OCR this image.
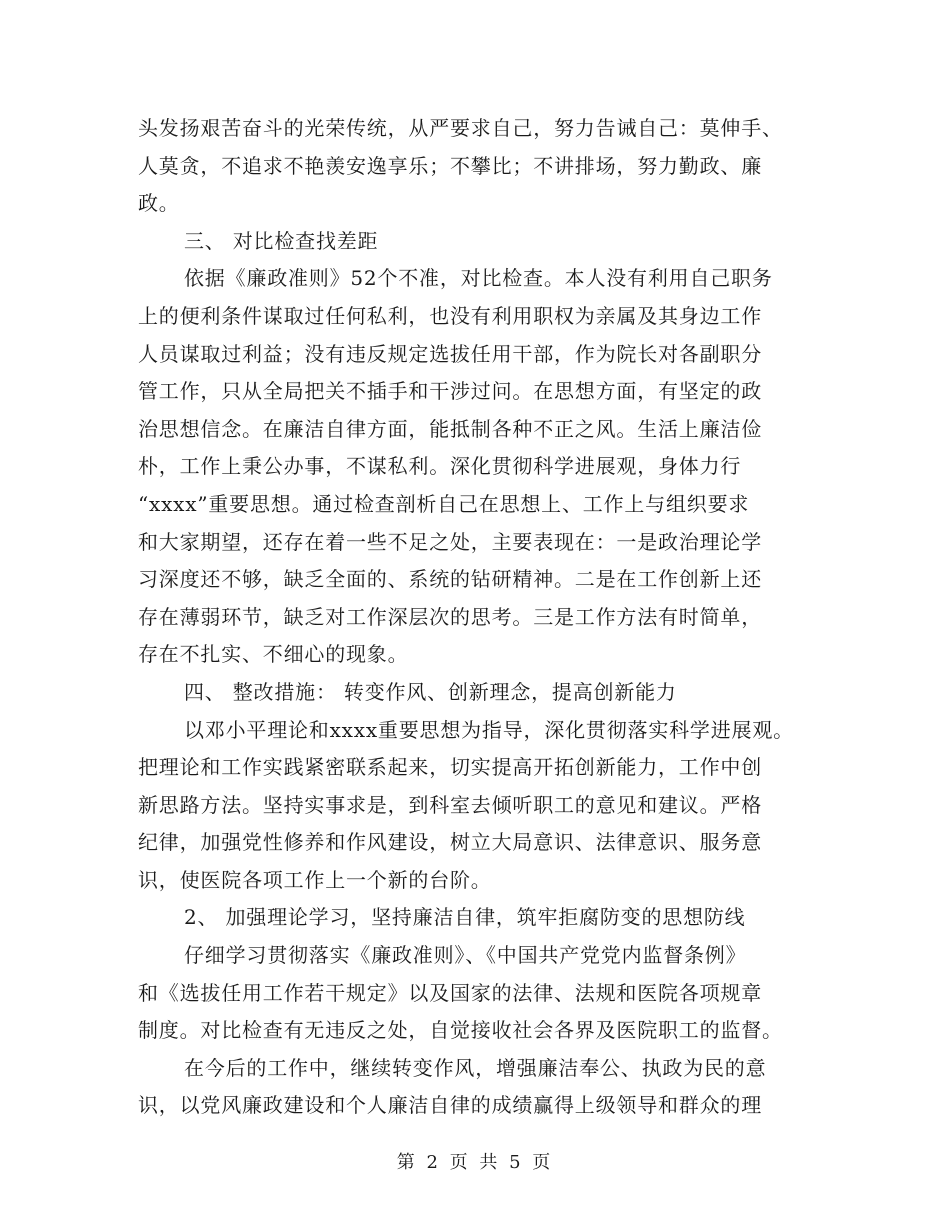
头发扬艰苦奋斗的光荣传统，从严要求自己，努力告诫自己：莫伸手、
人莫贪，不追求不艳羡安逸享乐；不攀比；不讲排场，努力勤政、廉
政。
三、 对比检查找差距
依据《廉政准则》52个不准，对比检查。本人没有利用自己职务
上的便利条件谋取过任何私利，也没有利用职权为亲属及其身边工作
人员谋取过利益；没有违反规定选拔任用干部，作为院长对各副职分
管工作，只从全局把关不插手和干涉过问。在思想方面，有坚定的政
治思想信念。在廉洁自律方面，能抵制各种不正之风。生活上廉洁俭
朴，工作上秉公办事，不谋私利。深化贯彻科学进展观，身体力行
“xxxx”重要思想。通过检查剖析自己在思想上、工作上与组织要求
和大家期望，还存在着一些不足之处，主要表现在：一是政治理论学
习深度还不够，缺乏全面的、系统的钻研精神。二是在工作创新上还
存在薄弱环节，缺乏对工作深层次的思考。三是工作方法有时简单，
存在不扎实、不细心的现象。
四、 整改措施： 转变作风、创新理念，提高创新能力
以邓小平理论和xxxx重要思想为指导，深化贯彻落实科学进展观。
把理论和工作实践紧密联系起来，切实提高开拓创新能力，工作中创
新思路方法。坚持实事求是，到科室去倾听职工的意见和建议。严格
纪律，加强党性修养和作风建设，树立大局意识、法律意识、服务意
识，使医院各项工作上一个新的台阶。
2、 加强理论学习，坚持廉洁自律，筑牢拒腐防变的思想防线
仔细学习贯彻落实《廉政准则》、《中国共产党党内监督条例》
和《选拔任用工作若干规定》以及国家的法律、法规和医院各项规章
制度。对比检查有无违反之处，自觉接收社会各界及医院职工的监督。
在今后的工作中，继续转变作风，增强廉洁奉公、执政为民的意
识，以党风廉政建设和个人廉洁自律的成绩赢得上级领导和群众的理
第 2 页 共 5 页
